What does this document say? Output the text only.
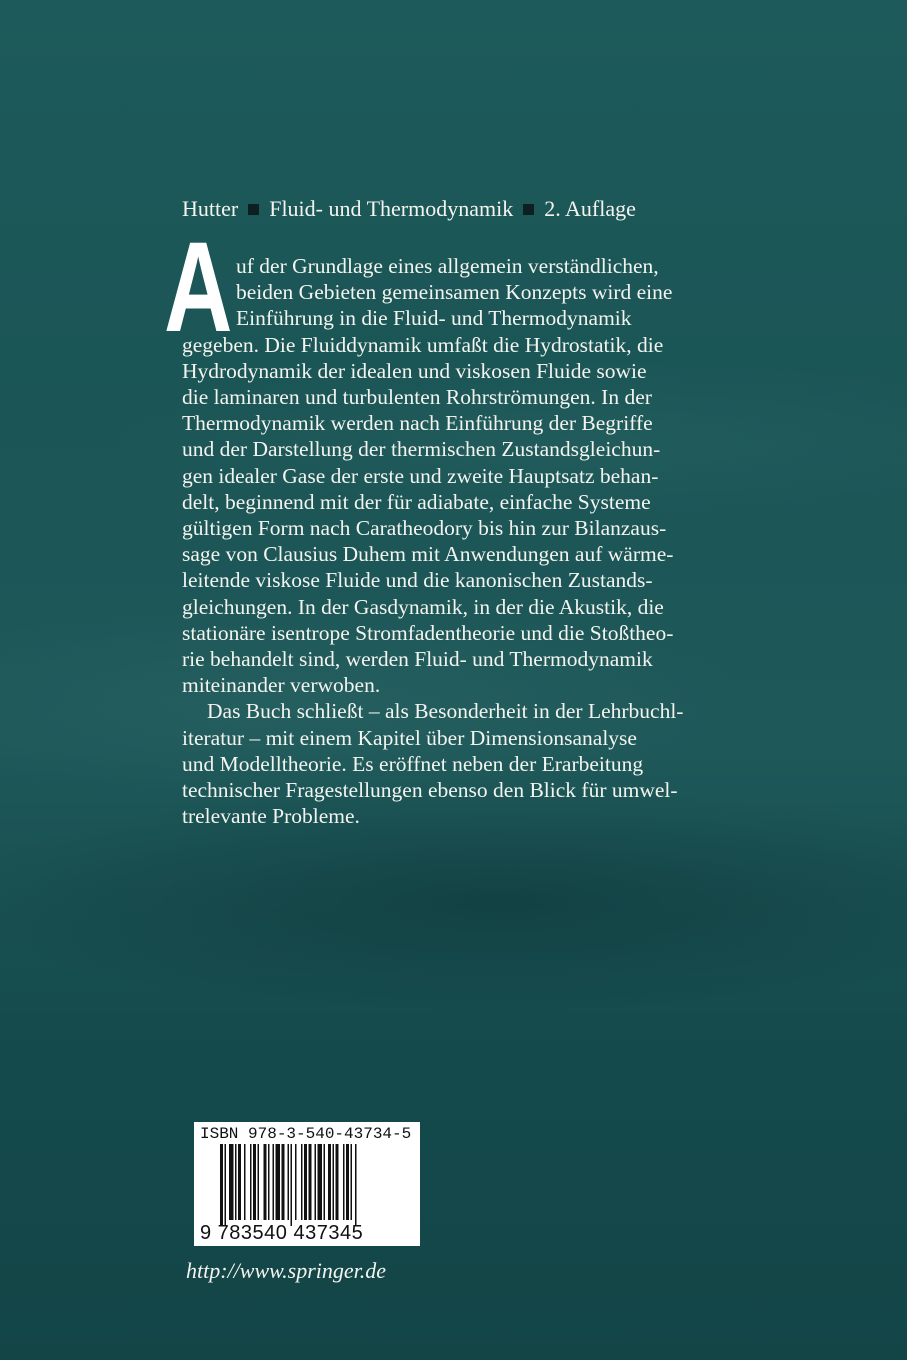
Hutter Fluid- und Thermodynamik 2. Auflage
A uf der Grundlage eines allgemein verständlichen,
beiden Gebieten gemeinsamen Konzepts wird eine
Einführung in die Fluid- und Thermodynamik
gegeben. Die Fluiddynamik umfaßt die Hydrostatik, die
Hydrodynamik der idealen und viskosen Fluide sowie
die laminaren und turbulenten Rohrströmungen. In der
Thermodynamik werden nach Einführung der Begriffe
und der Darstellung der thermischen Zustandsgleichun-
gen idealer Gase der erste und zweite Hauptsatz behan-
delt, beginnend mit der für adiabate, einfache Systeme
gültigen Form nach Caratheodory bis hin zur Bilanzaus-
sage von Clausius Duhem mit Anwendungen auf wärme-
leitende viskose Fluide und die kanonischen Zustands-
gleichungen. In der Gasdynamik, in der die Akustik, die
stationäre isentrope Stromfadentheorie und die Stoßtheo-
rie behandelt sind, werden Fluid- und Thermodynamik
miteinander verwoben.
Das Buch schließt – als Besonderheit in der Lehrbuchl-
iteratur – mit einem Kapitel über Dimensionsanalyse
und Modelltheorie. Es eröffnet neben der Erarbeitung
technischer Fragestellungen ebenso den Blick für umwel-
trelevante Probleme.
ISBN 978-3-540-43734-5
9 783540 437345
http://www.springer.de
